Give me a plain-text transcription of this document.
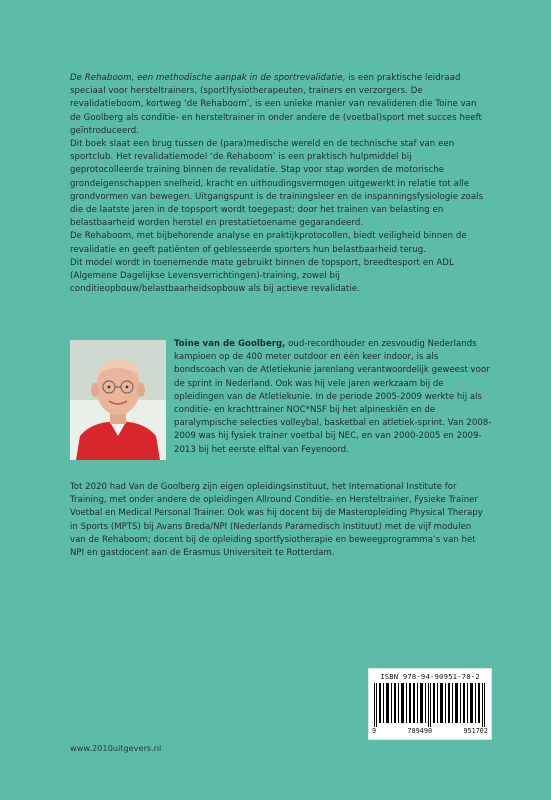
De Rehaboom, een methodische aanpak in de sportrevalidatie, is een praktische leidraad speciaal voor hersteltrainers, (sport)fysiotherapeuten, trainers en verzorgers. De revalidatieboom, kortweg ‘de Rehaboom’, is een unieke manier van revalideren die Toine van de Goolberg als conditie- en hersteltrainer in onder andere de (voetbal)sport met succes heeft geïntroduceerd.

Dit boek slaat een brug tussen de (para)medische wereld en de technische staf van een sportclub. Het revalidatiemodel ‘de Rehaboom’ is een praktisch hulpmiddel bij geprotocolleerde training binnen de revalidatie. Stap voor stap worden de motorische grondeigenschappen snelheid, kracht en uithoudingsvermogen uitgewerkt in relatie tot alle grondvormen van bewegen. Uitgangspunt is de trainingsleer en de inspanningsfysiologie zoals die de laatste jaren in de topsport wordt toegepast; door het trainen van belasting en belastbaarheid worden herstel en prestatietoename gegarandeerd.

De Rehaboom, met bijbehorende analyse en praktijkprotocollen, biedt veiligheid binnen de revalidatie en geeft patiënten of geblesseerde sporters hun belastbaarheid terug.

Dit model wordt in toenemende mate gebruikt binnen de topsport, breedtesport en ADL (Algemene Dagelijkse Levensverrichtingen)-training, zowel bij conditieopbouw/belastbaarheidsopbouw als bij actieve revalidatie.

Toine van de Goolberg, oud-recordhouder en zesvoudig Nederlands kampioen op de 400 meter outdoor en één keer indoor, is als bondscoach van de Atletiekunie jarenlang verantwoordelijk geweest voor de sprint in Nederland. Ook was hij vele jaren werkzaam bij de opleidingen van de Atletiekunie. In de periode 2005-2009 werkte hij als conditie- en krachttrainer NOC*NSF bij het alpineskiën en de paralympische selecties volleybal, basketbal en atletiek-sprint. Van 2008-2009 was hij fysiek trainer voetbal bij NEC, en van 2000-2005 en 2009-2013 bij het eerste elftal van Feyenoord.

Tot 2020 had Van de Goolberg zijn eigen opleidingsinstituut, het International Institute for Training, met onder andere de opleidingen Allround Conditie- en Hersteltrainer, Fysieke Trainer Voetbal en Medical Personal Trainer. Ook was hij docent bij de Masteropleiding Physical Therapy in Sports (MPTS) bij Avans Breda/NPI (Nederlands Paramedisch Instituut) met de vijf modulen van de Rehaboom; docent bij de opleiding sportfysiotherapie en beweegprogramma’s van het NPI en gastdocent aan de Erasmus Universiteit te Rotterdam.

ISBN 978-94-90951-70-2
9	789490	951702
www.2010uitgevers.nl
